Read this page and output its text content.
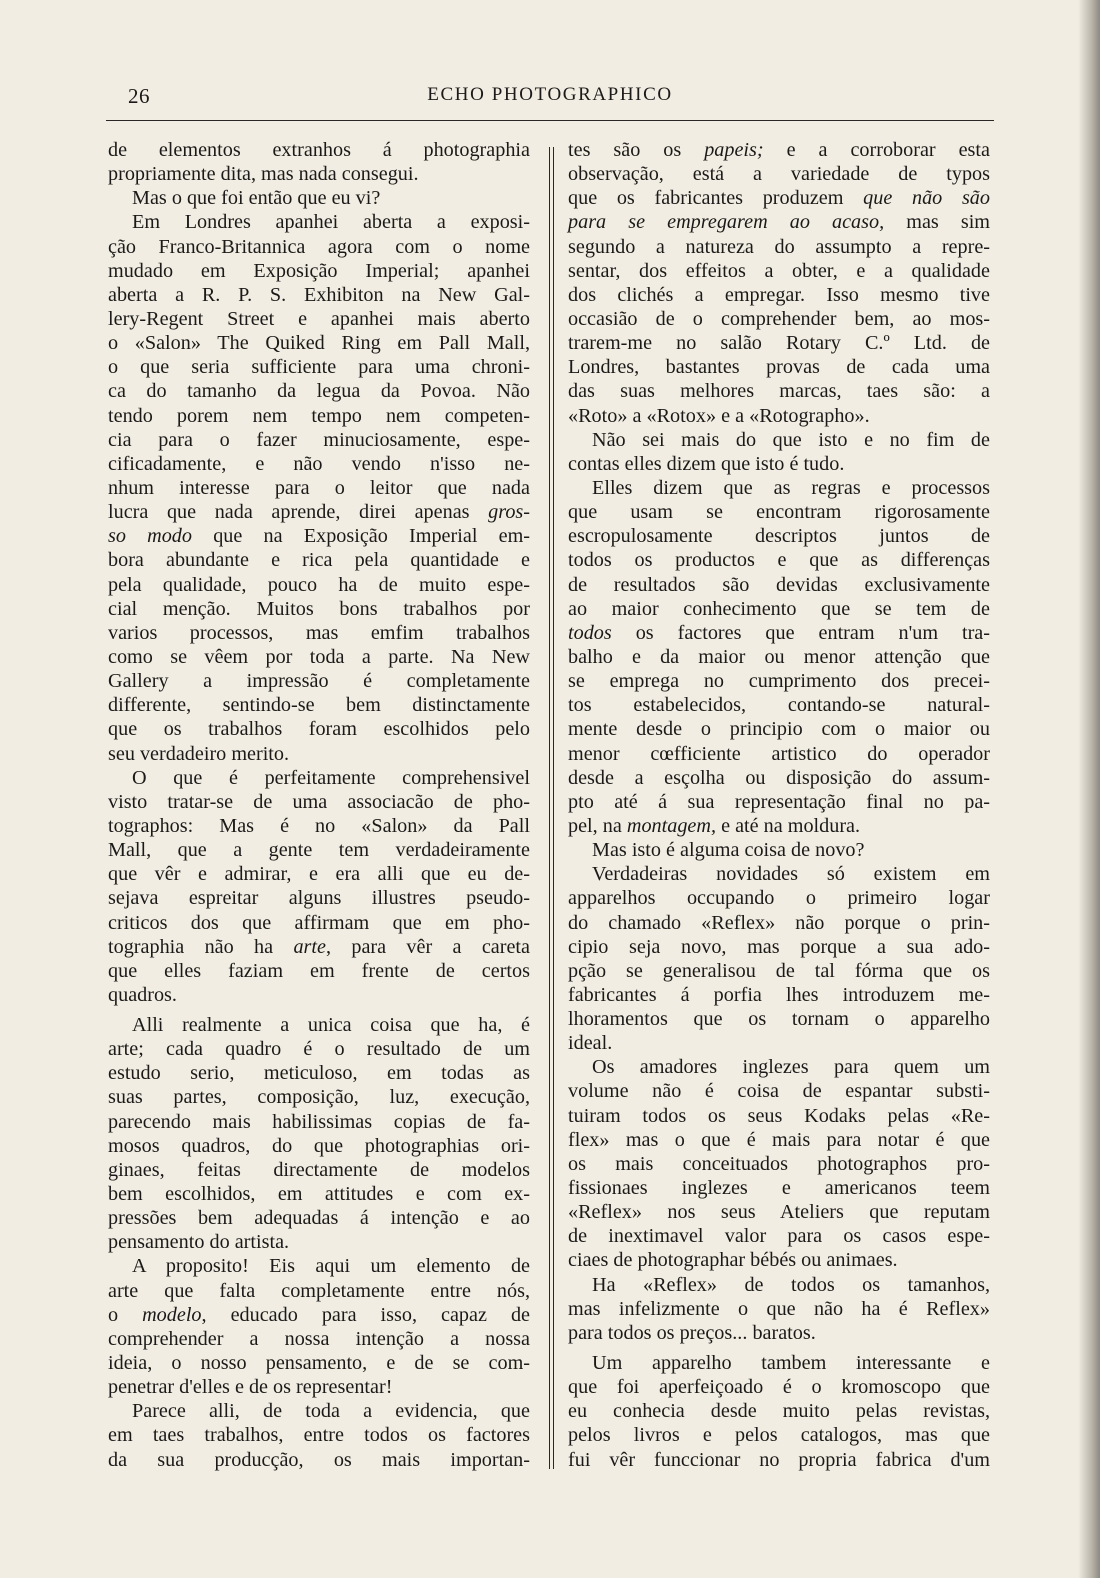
26	ECHO PHOTOGRAPHICO
de elementos extranhos á photographia
propriamente dita, mas nada consegui.
Mas o que foi então que eu vi?
Em Londres apanhei aberta a exposi-
ção Franco-Britannica agora com o nome
mudado em Exposição Imperial; apanhei
aberta a R. P. S. Exhibiton na New Gal-
lery-Regent Street e apanhei mais aberto
o «Salon» The Quiked Ring em Pall Mall,
o que seria sufficiente para uma chroni-
ca do tamanho da legua da Povoa. Não
tendo porem nem tempo nem competen-
cia para o fazer minuciosamente, espe-
cificadamente, e não vendo n'isso ne-
nhum interesse para o leitor que nada
lucra que nada aprende, direi apenas gros-
so modo que na Exposição Imperial em-
bora abundante e rica pela quantidade e
pela qualidade, pouco ha de muito espe-
cial menção. Muitos bons trabalhos por
varios processos, mas emfim trabalhos
como se vêem por toda a parte. Na New
Gallery a impressão é completamente
differente, sentindo-se bem distinctamente
que os trabalhos foram escolhidos pelo
seu verdadeiro merito.
O que é perfeitamente comprehensivel
visto tratar-se de uma associacão de pho-
tographos: Mas é no «Salon» da Pall
Mall, que a gente tem verdadeiramente
que vêr e admirar, e era alli que eu de-
sejava espreitar alguns illustres pseudo-
criticos dos que affirmam que em pho-
tographia não ha arte, para vêr a careta
que elles faziam em frente de certos
quadros.
Alli realmente a unica coisa que ha, é
arte; cada quadro é o resultado de um
estudo serio, meticuloso, em todas as
suas partes, composição, luz, execução,
parecendo mais habilissimas copias de fa-
mosos quadros, do que photographias ori-
ginaes, feitas directamente de modelos
bem escolhidos, em attitudes e com ex-
pressões bem adequadas á intenção e ao
pensamento do artista.
A proposito! Eis aqui um elemento de
arte que falta completamente entre nós,
o modelo, educado para isso, capaz de
comprehender a nossa intenção a nossa
ideia, o nosso pensamento, e de se com-
penetrar d'elles e de os representar!
Parece alli, de toda a evidencia, que
em taes trabalhos, entre todos os factores
da sua producção, os mais importan-
tes são os papeis; e a corroborar esta
observação, está a variedade de typos
que os fabricantes produzem que não são
para se empregarem ao acaso, mas sim
segundo a natureza do assumpto a repre-
sentar, dos effeitos a obter, e a qualidade
dos clichés a empregar. Isso mesmo tive
occasião de o comprehender bem, ao mos-
trarem-me no salão Rotary C.º Ltd. de
Londres, bastantes provas de cada uma
das suas melhores marcas, taes são: a
«Roto» a «Rotox» e a «Rotographo».
Não sei mais do que isto e no fim de
contas elles dizem que isto é tudo.
Elles dizem que as regras e processos
que usam se encontram rigorosamente
escropulosamente descriptos juntos de
todos os productos e que as differenças
de resultados são devidas exclusivamente
ao maior conhecimento que se tem de
todos os factores que entram n'um tra-
balho e da maior ou menor attenção que
se emprega no cumprimento dos precei-
tos estabelecidos, contando-se natural-
mente desde o principio com o maior ou
menor cœfficiente artistico do operador
desde a esçolha ou disposição do assum-
pto até á sua representação final no pa-
pel, na montagem, e até na moldura.
Mas isto é alguma coisa de novo?
Verdadeiras novidades só existem em
apparelhos occupando o primeiro logar
do chamado «Reflex» não porque o prin-
cipio seja novo, mas porque a sua ado-
pção se generalisou de tal fórma que os
fabricantes á porfia lhes introduzem me-
lhoramentos que os tornam o apparelho
ideal.
Os amadores inglezes para quem um
volume não é coisa de espantar substi-
tuiram todos os seus Kodaks pelas «Re-
flex» mas o que é mais para notar é que
os mais conceituados photographos pro-
fissionaes inglezes e americanos teem
«Reflex» nos seus Ateliers que reputam
de inextimavel valor para os casos espe-
ciaes de photographar bébés ou animaes.
Ha «Reflex» de todos os tamanhos,
mas infelizmente o que não ha é Reflex»
para todos os preços... baratos.
Um apparelho tambem interessante e
que foi aperfeiçoado é o kromoscopo que
eu conhecia desde muito pelas revistas,
pelos livros e pelos catalogos, mas que
fui vêr funccionar no propria fabrica d'um
